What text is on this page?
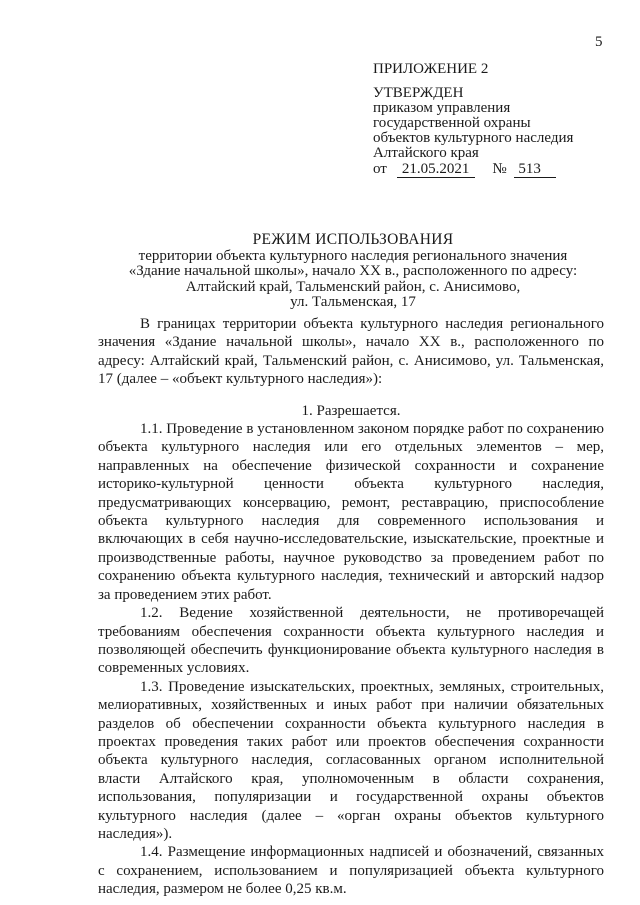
5
ПРИЛОЖЕНИЕ 2
УТВЕРЖДЕН
приказом управления
государственной охраны
объектов культурного наследия
Алтайского края
от 21.05.2021 № 513
РЕЖИМ ИСПОЛЬЗОВАНИЯ
территории объекта культурного наследия регионального значения
«Здание начальной школы», начало XX в., расположенного по адресу:
Алтайский край, Тальменский район, с. Анисимово,
ул. Тальменская, 17

В границах территории объекта культурного наследия регионального значения «Здание начальной школы», начало XX в., расположенного по адресу: Алтайский край, Тальменский район, с. Анисимово, ул. Тальменская, 17 (далее – «объект культурного наследия»):

1. Разрешается.

1.1. Проведение в установленном законом порядке работ по сохранению объекта культурного наследия или его отдельных элементов – мер, направленных на обеспечение физической сохранности и сохранение историко-культурной ценности объекта культурного наследия, предусматривающих консервацию, ремонт, реставрацию, приспособление объекта культурного наследия для современного использования и включающих в себя научно-исследовательские, изыскательские, проектные и производственные работы, научное руководство за проведением работ по сохранению объекта культурного наследия, технический и авторский надзор за проведением этих работ.

1.2. Ведение хозяйственной деятельности, не противоречащей требованиям обеспечения сохранности объекта культурного наследия и позволяющей обеспечить функционирование объекта культурного наследия в современных условиях.

1.3. Проведение изыскательских, проектных, земляных, строительных, мелиоративных, хозяйственных и иных работ при наличии обязательных разделов об обеспечении сохранности объекта культурного наследия в проектах проведения таких работ или проектов обеспечения сохранности объекта культурного наследия, согласованных органом исполнительной власти Алтайского края, уполномоченным в области сохранения, использования, популяризации и государственной охраны объектов культурного наследия (далее – «орган охраны объектов культурного наследия»).

1.4. Размещение информационных надписей и обозначений, связанных с сохранением, использованием и популяризацией объекта культурного наследия, размером не более 0,25 кв.м.
